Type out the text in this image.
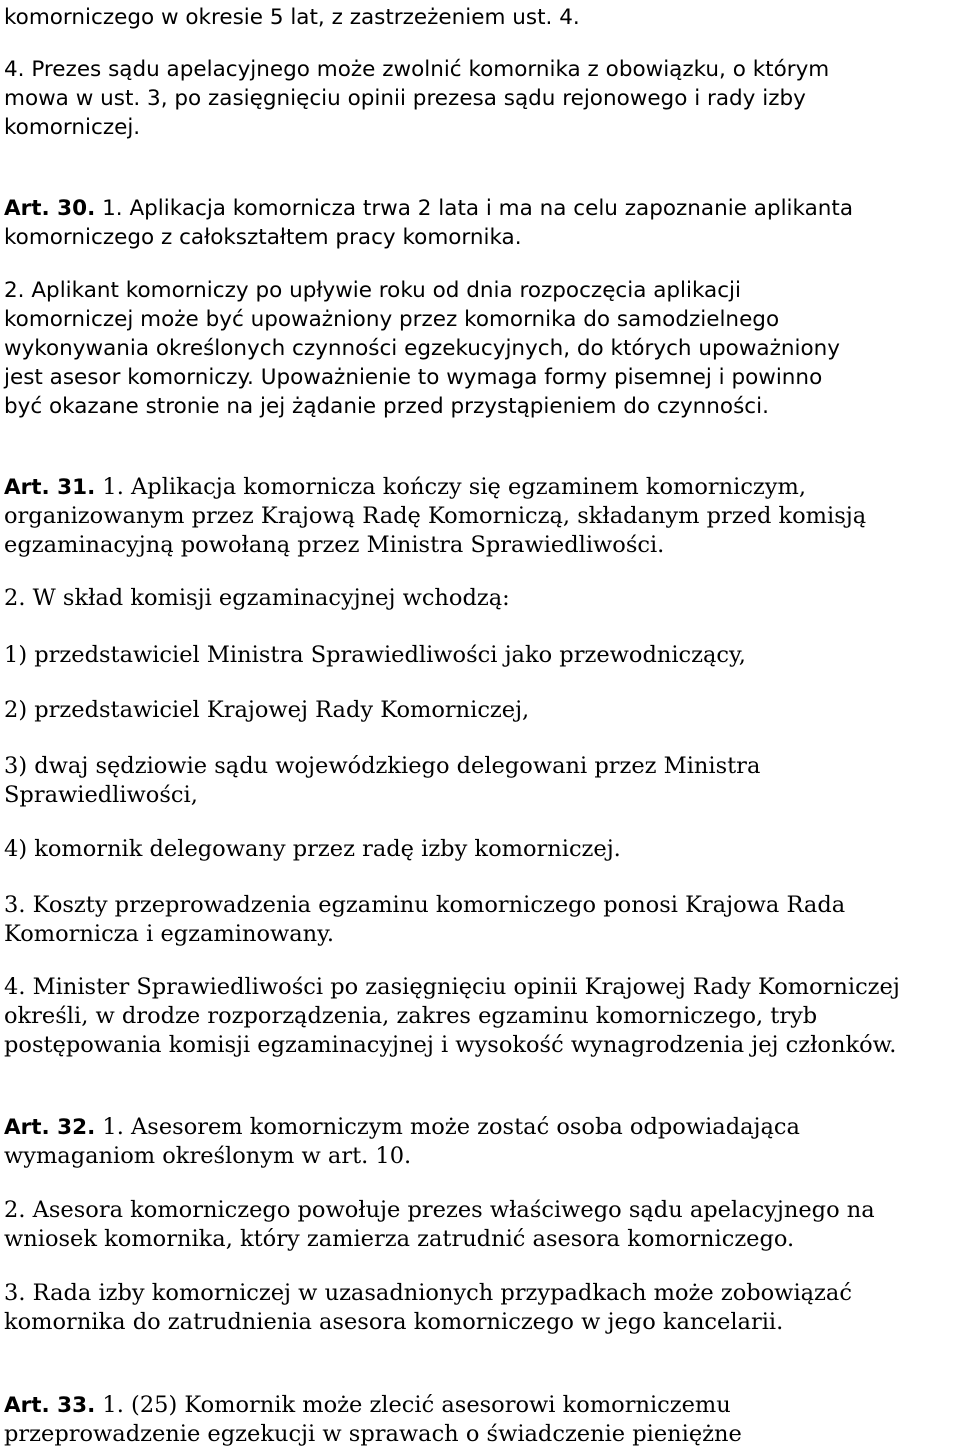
komorniczego w okresie 5 lat, z zastrzeżeniem ust. 4.
4. Prezes sądu apelacyjnego może zwolnić komornika z obowiązku, o którym
mowa w ust. 3, po zasięgnięciu opinii prezesa sądu rejonowego i rady izby
komorniczej.
Art. 30. 1. Aplikacja komornicza trwa 2 lata i ma na celu zapoznanie aplikanta
komorniczego z całokształtem pracy komornika.
2. Aplikant komorniczy po upływie roku od dnia rozpoczęcia aplikacji
komorniczej może być upoważniony przez komornika do samodzielnego
wykonywania określonych czynności egzekucyjnych, do których upoważniony
jest asesor komorniczy. Upoważnienie to wymaga formy pisemnej i powinno
być okazane stronie na jej żądanie przed przystąpieniem do czynności.
Art. 31. 1. Aplikacja komornicza kończy się egzaminem komorniczym,
organizowanym przez Krajową Radę Komorniczą, składanym przed komisją
egzaminacyjną powołaną przez Ministra Sprawiedliwości.
2. W skład komisji egzaminacyjnej wchodzą:
1) przedstawiciel Ministra Sprawiedliwości jako przewodniczący,
2) przedstawiciel Krajowej Rady Komorniczej,
3) dwaj sędziowie sądu wojewódzkiego delegowani przez Ministra
Sprawiedliwości,
4) komornik delegowany przez radę izby komorniczej.
3. Koszty przeprowadzenia egzaminu komorniczego ponosi Krajowa Rada
Komornicza i egzaminowany.
4. Minister Sprawiedliwości po zasięgnięciu opinii Krajowej Rady Komorniczej
określi, w drodze rozporządzenia, zakres egzaminu komorniczego, tryb
postępowania komisji egzaminacyjnej i wysokość wynagrodzenia jej członków.
Art. 32. 1. Asesorem komorniczym może zostać osoba odpowiadająca
wymaganiom określonym w art. 10.
2. Asesora komorniczego powołuje prezes właściwego sądu apelacyjnego na
wniosek komornika, który zamierza zatrudnić asesora komorniczego.
3. Rada izby komorniczej w uzasadnionych przypadkach może zobowiązać
komornika do zatrudnienia asesora komorniczego w jego kancelarii.
Art. 33. 1. (25) Komornik może zlecić asesorowi komorniczemu
przeprowadzenie egzekucji w sprawach o świadczenie pieniężne
